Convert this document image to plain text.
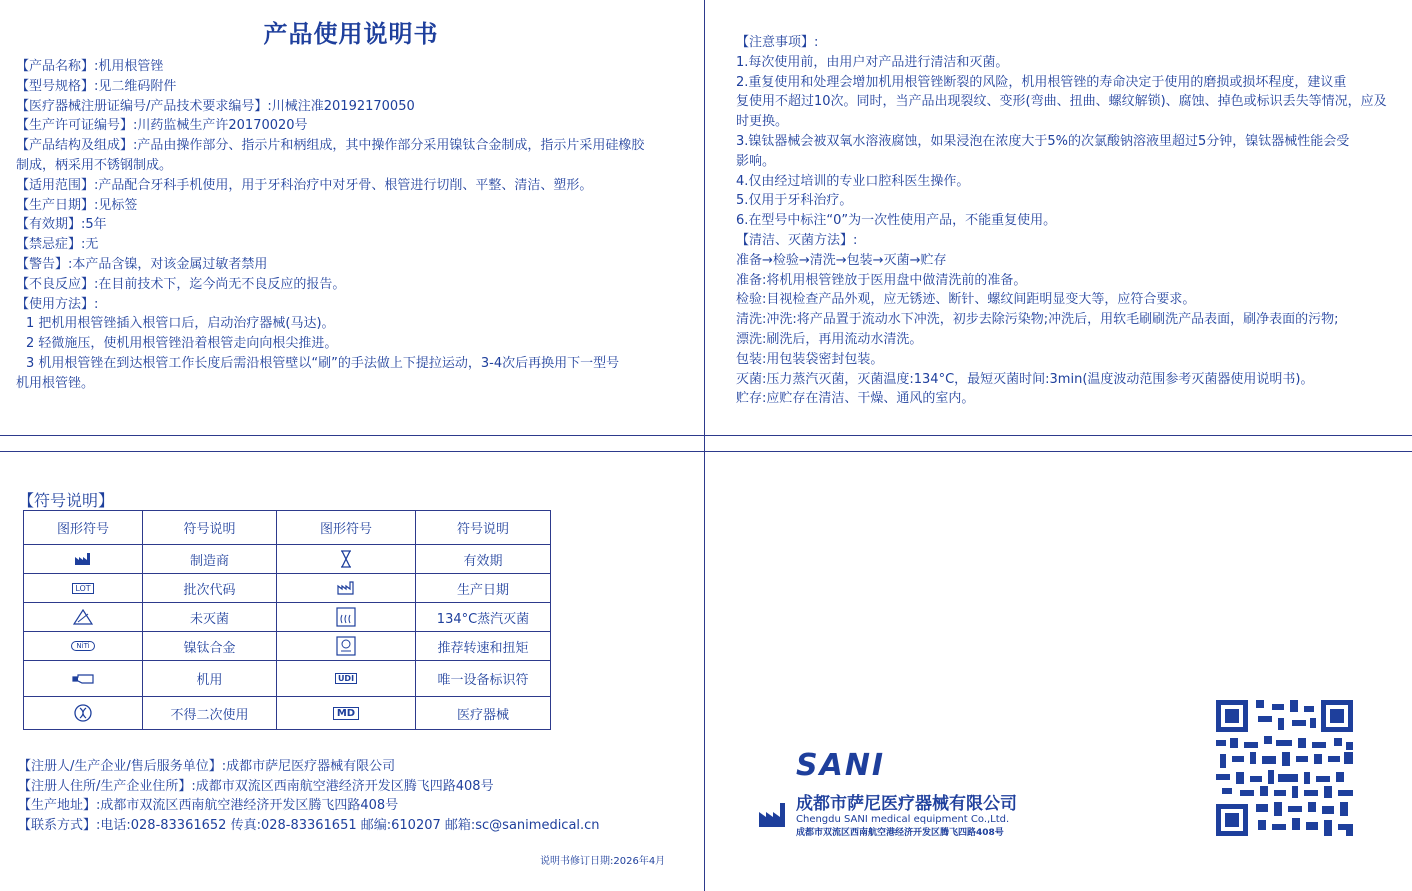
产品使用说明书
【产品名称】:机用根管锉
【型号规格】:见二维码附件
【医疗器械注册证编号/产品技术要求编号】:川械注准20192170050
【生产许可证编号】:川药监械生产许20170020号
【产品结构及组成】:产品由操作部分、指示片和柄组成，其中操作部分采用镍钛合金制成，指示片采用硅橡胶
制成，柄采用不锈钢制成。
【适用范围】:产品配合牙科手机使用，用于牙科治疗中对牙骨、根管进行切削、平整、清洁、塑形。
【生产日期】:见标签
【有效期】:5年
【禁忌症】:无
【警告】:本产品含镍，对该金属过敏者禁用
【不良反应】:在目前技术下，迄今尚无不良反应的报告。
【使用方法】:
1 把机用根管锉插入根管口后，启动治疗器械(马达)。
2 轻微施压，使机用根管锉沿着根管走向向根尖推进。
3 机用根管锉在到达根管工作长度后需沿根管壁以“刷”的手法做上下提拉运动，3-4次后再换用下一型号
机用根管锉。
【注意事项】:
1.每次使用前，由用户对产品进行清洁和灭菌。
2.重复使用和处理会增加机用根管锉断裂的风险，机用根管锉的寿命决定于使用的磨损或损坏程度，建议重
复使用不超过10次。同时，当产品出现裂纹、变形(弯曲、扭曲、螺纹解锁)、腐蚀、掉色或标识丢失等情况，应及
时更换。
3.镍钛器械会被双氧水溶液腐蚀，如果浸泡在浓度大于5%的次氯酸钠溶液里超过5分钟，镍钛器械性能会受
影响。
4.仅由经过培训的专业口腔科医生操作。
5.仅用于牙科治疗。
6.在型号中标注“0”为一次性使用产品，不能重复使用。
【清洁、灭菌方法】:
准备→检验→清洗→包装→灭菌→贮存
准备:将机用根管锉放于医用盘中做清洗前的准备。
检验:目视检查产品外观，应无锈迹、断针、螺纹间距明显变大等，应符合要求。
清洗:冲洗:将产品置于流动水下冲洗，初步去除污染物;冲洗后，用软毛刷刷洗产品表面，刷净表面的污物;
漂洗:刷洗后，再用流动水清洗。
包装:用包装袋密封包装。
灭菌:压力蒸汽灭菌，灭菌温度:134°C，最短灭菌时间:3min(温度波动范围参考灭菌器使用说明书)。
贮存:应贮存在清洁、干燥、通风的室内。
【符号说明】
图形符号	符号说明	图形符号	符号说明
	制造商		有效期
LOT	批次代码		生产日期
	未灭菌		134°C蒸汽灭菌
NiTi	镍钛合金		推荐转速和扭矩
	机用	UDI	唯一设备标识符
	不得二次使用	MD	医疗器械
【注册人/生产企业/售后服务单位】:成都市萨尼医疗器械有限公司
【注册人住所/生产企业住所】:成都市双流区西南航空港经济开发区腾飞四路408号
【生产地址】:成都市双流区西南航空港经济开发区腾飞四路408号
【联系方式】:电话:028-83361652 传真:028-83361651 邮编:610207 邮箱:sc@sanimedical.cn
说明书修订日期:2026年4月
SANI
成都市萨尼医疗器械有限公司
Chengdu SANI medical equipment Co.,Ltd.
成都市双流区西南航空港经济开发区腾飞四路408号
